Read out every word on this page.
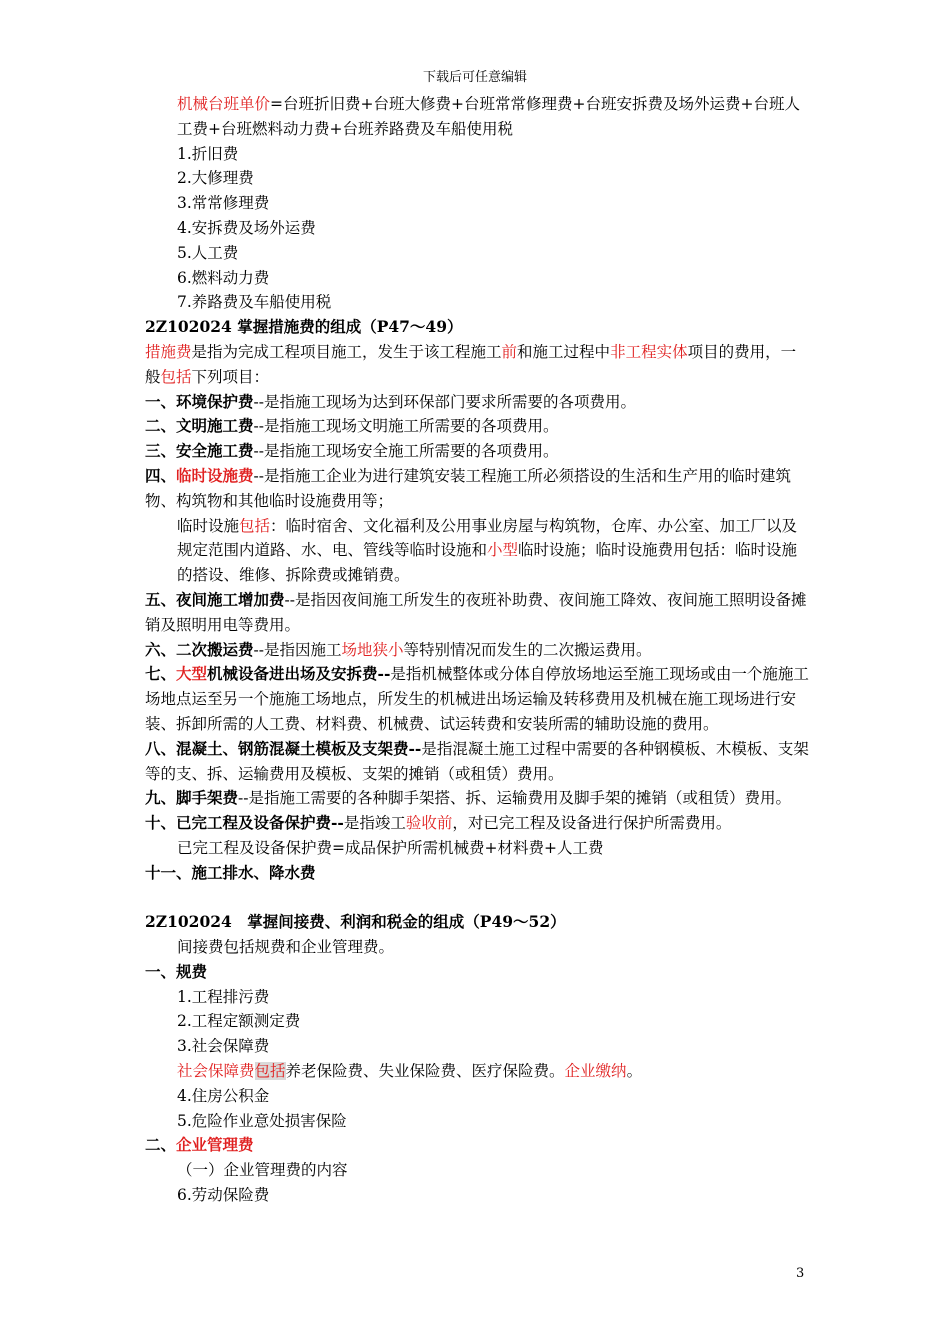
下载后可任意编辑

机械台班单价=台班折旧费+台班大修费+台班常常修理费+台班安拆费及场外运费+台班人工费+台班燃料动力费+台班养路费及车船使用税

1.折旧费

2.大修理费

3.常常修理费

4.安拆费及场外运费

5.人工费

6.燃料动力费

7.养路费及车船使用税

2Z102024 掌握措施费的组成（P47～49）

措施费是指为完成工程项目施工，发生于该工程施工前和施工过程中非工程实体项目的费用，一般包括下列项目：

一、环境保护费--是指施工现场为达到环保部门要求所需要的各项费用。

二、文明施工费--是指施工现场文明施工所需要的各项费用。

三、安全施工费--是指施工现场安全施工所需要的各项费用。

四、临时设施费--是指施工企业为进行建筑安装工程施工所必须搭设的生活和生产用的临时建筑物、构筑物和其他临时设施费用等；

临时设施包括：临时宿舍、文化福利及公用事业房屋与构筑物，仓库、办公室、加工厂以及规定范围内道路、水、电、管线等临时设施和小型临时设施；临时设施费用包括：临时设施的搭设、维修、拆除费或摊销费。

五、夜间施工增加费--是指因夜间施工所发生的夜班补助费、夜间施工降效、夜间施工照明设备摊销及照明用电等费用。

六、二次搬运费--是指因施工场地狭小等特别情况而发生的二次搬运费用。

七、大型机械设备进出场及安拆费--是指机械整体或分体自停放场地运至施工现场或由一个施施工场地点运至另一个施施工场地点，所发生的机械进出场运输及转移费用及机械在施工现场进行安装、拆卸所需的人工费、材料费、机械费、试运转费和安装所需的辅助设施的费用。

八、混凝土、钢筋混凝土模板及支架费--是指混凝土施工过程中需要的各种钢模板、木模板、支架等的支、拆、运输费用及模板、支架的摊销（或租赁）费用。

九、脚手架费--是指施工需要的各种脚手架搭、拆、运输费用及脚手架的摊销（或租赁）费用。

十、已完工程及设备保护费--是指竣工验收前，对已完工程及设备进行保护所需费用。

已完工程及设备保护费=成品保护所需机械费+材料费+人工费

十一、施工排水、降水费

2Z102024　掌握间接费、利润和税金的组成（P49～52）

间接费包括规费和企业管理费。

一、规费

1.工程排污费

2.工程定额测定费

3.社会保障费

社会保障费包括养老保险费、失业保险费、医疗保险费。企业缴纳。

4.住房公积金

5.危险作业意处损害保险

二、企业管理费

（一）企业管理费的内容

6.劳动保险费

3
